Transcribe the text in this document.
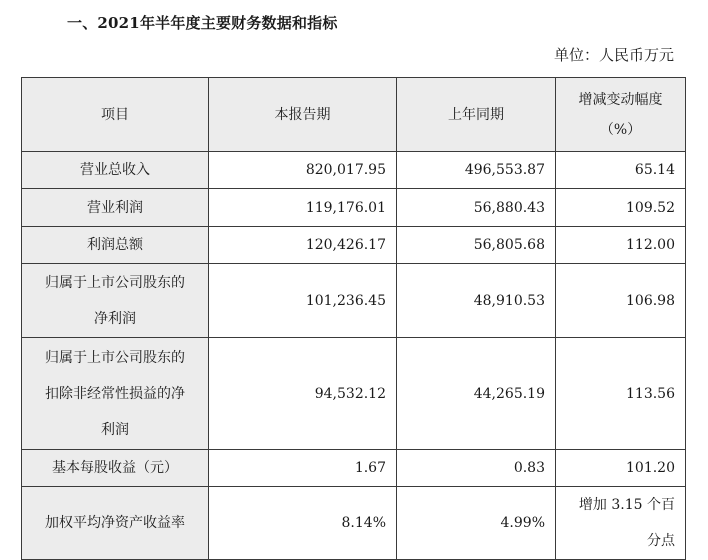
一、2021年半年度主要财务数据和指标
单位：人民币万元
项目	本报告期	上年同期	增减变动幅度
（%）

营业总收入	820,017.95	496,553.87	65.14
营业利润	119,176.01	56,880.43	109.52
利润总额	120,426.17	56,805.68	112.00

归属于上市公司股东的
净利润	101,236.45	48,910.53	106.98

归属于上市公司股东的
扣除非经常性损益的净
利润	94,532.12	44,265.19	113.56
基本每股收益（元）	1.67	0.83	101.20
加权平均净资产收益率	8.14%	4.99%	增加 3.15 个百分点
